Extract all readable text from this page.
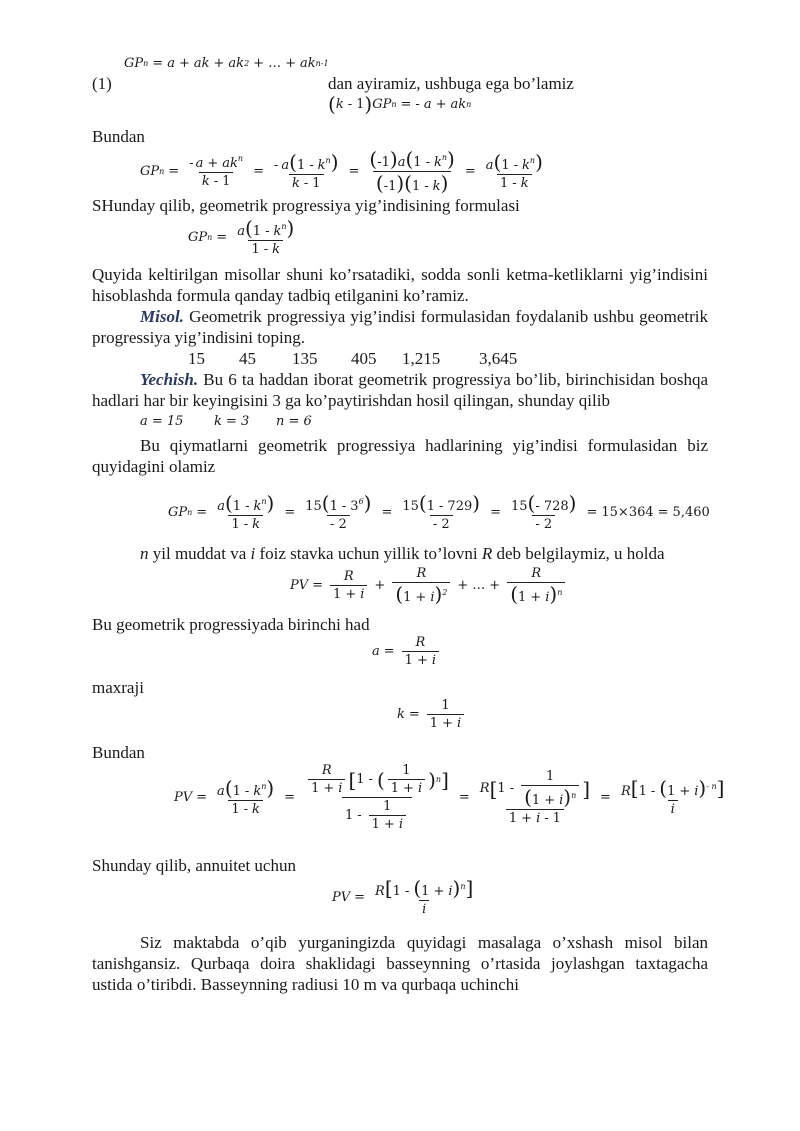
GP n = a + ak + ak 2 + … + ak n-1
(1)	dan ayiramiz, ushbuga ega bo’lamiz
( k - 1 ) GP n = - a + ak n

Bundan

GP $n = \frac{- a + ak^n}{k - 1} = \frac{- a(1 - k^n)}{k - 1} = \frac{(-1)a(1 - k^n)}{(-1)(1 - k)} = \frac{a(1 - k^n)}{1 - k}$

SHunday qilib, geometrik progressiya yig’indisining formulasi

GP $n = \frac{a(1 - k^n)}{1 - k}$

Quyida keltirilgan misollar shuni ko’rsatadiki, sodda sonli ketma-ketliklarni yig’indisini hisoblashda formula qanday tadbiq etilganini ko’ramiz.

Misol. Geometrik progressiya yig’indisi formulasidan foydalanib ushbu geometrik progressiya yig’indisini toping.

15 45 135 405 1,215 3,645

Yechish. Bu 6 ta haddan iborat geometrik progressiya bo’lib, birinchisidan boshqa hadlari har bir keyingisini 3 ga ko’paytirishdan hosil qilingan, shunday qilib

a = 15 k = 3 n = 6

Bu qiymatlarni geometrik progressiya hadlarining yig’indisi formulasidan biz quyidagini olamiz

GP $n = \frac{a(1 - k^n)}{1 - k} = \frac{15(1 - 3^6)}{- 2} = \frac{15(1 - 729)}{- 2} = \frac{15(- 728)}{- 2} = 15\times 364 = 5,460$

n yil muddat va i foiz stavka uchun yillik to’lovni R deb belgilaymiz, u holda

PV = $\frac{R}{1 + i} + \frac{R}{(1 + i)^2}$ + … + $\frac{R}{(1 + i)^n}$

Bu geometrik progressiyada birinchi had

$a = \frac{R}{1 + i}$

maxraji

$k = \frac{1}{1 + i}$

Bundan

PV = $\frac{a(1 - k^n)}{1 - k} = \frac{\frac{R}{1 + i} [ 1 - ( \frac{1}{1 + i} ) n ]}{1 - \frac{1}{1 + i}} = \frac{R [ 1 - \frac{1}{(1 + i)^n} ]}{1 + i - 1} = \frac{R[1 - (1 + i)^{- n}]}{i}$

Shunday qilib, annuitet uchun

PV = $\frac{R[1 - (1 + i)^n]}{i}$

Siz maktabda o’qib yurganingizda quyidagi masalaga o’xshash misol bilan tanishgansiz. Qurbaqa doira shaklidagi basseynning o’rtasida joylashgan taxtagacha ustida o’tiribdi. Basseynning radiusi 10 m va qurbaqa uchinchi
